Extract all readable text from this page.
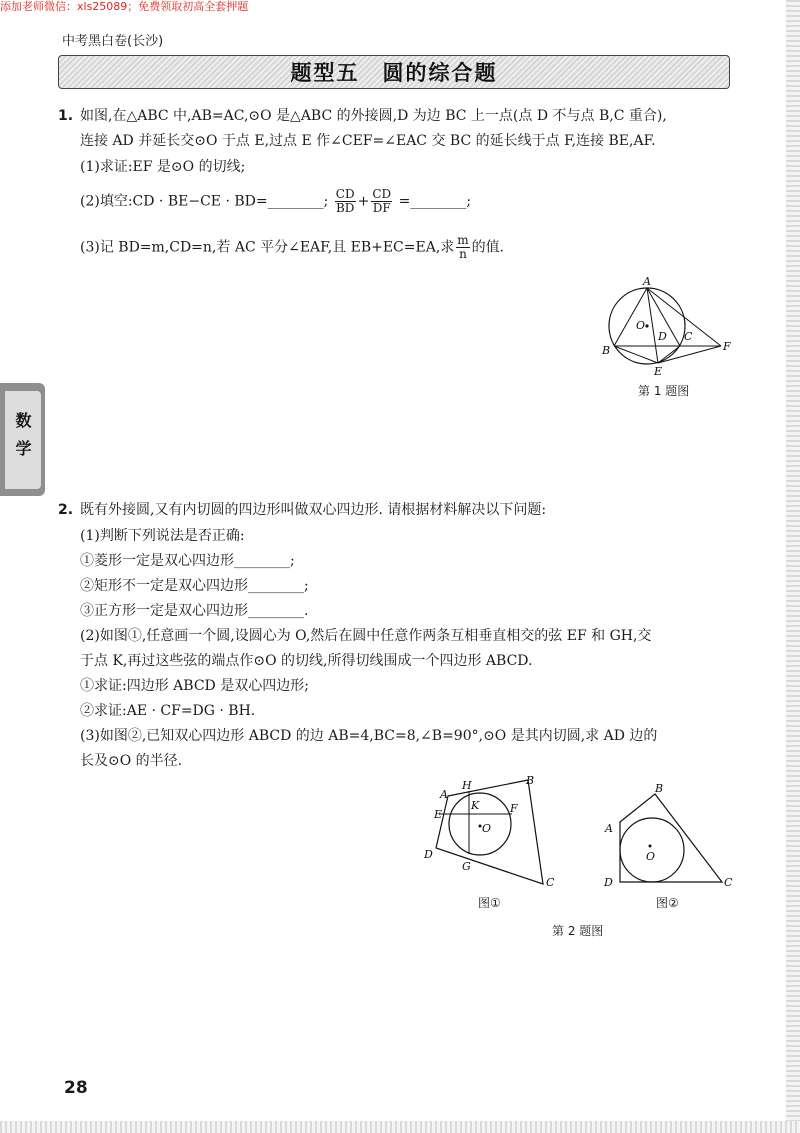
添加老师微信：xls25089；免费领取初高全套押题
中考黑白卷(长沙)
题型五　圆的综合题
数学
1. 如图,在△ABC 中,AB=AC,⊙O 是△ABC 的外接圆,D 为边 BC 上一点(点 D 不与点 B,C 重合),
连接 AD 并延长交⊙O 于点 E,过点 E 作∠CEF=∠EAC 交 BC 的延长线于点 F,连接 BE,AF.
(1)求证:EF 是⊙O 的切线;
(2)填空:CD · BE−CE · BD=________; $\frac{CD}{BD} + \frac{CD}{DF}$ =________;
(3)记 BD=m,CD=n,若 AC 平分∠EAF,且 EB+EC=EA,求 $\frac{m}{n}$ 的值.
A
B
C
D
E
F
O
第 1 题图
2. 既有外接圆,又有内切圆的四边形叫做双心四边形. 请根据材料解决以下问题:
(1)判断下列说法是否正确:
①菱形一定是双心四边形________;
②矩形不一定是双心四边形________;
③正方形一定是双心四边形________.
(2)如图①,任意画一个圆,设圆心为 O,然后在圆中任意作两条互相垂直相交的弦 EF 和 GH,交
于点 K,再过这些弦的端点作⊙O 的切线,所得切线围成一个四边形 ABCD.
①求证:四边形 ABCD 是双心四边形;
②求证:AE · CF=DG · BH.
(3)如图②,已知双心四边形 ABCD 的边 AB=4,BC=8,∠B=90°,⊙O 是其内切圆,求 AD 边的
长及⊙O 的半径.
A
B
C
D
E	F
G
H
K
O
图①
A
B
C
D
O
图②
第 2 题图
28
